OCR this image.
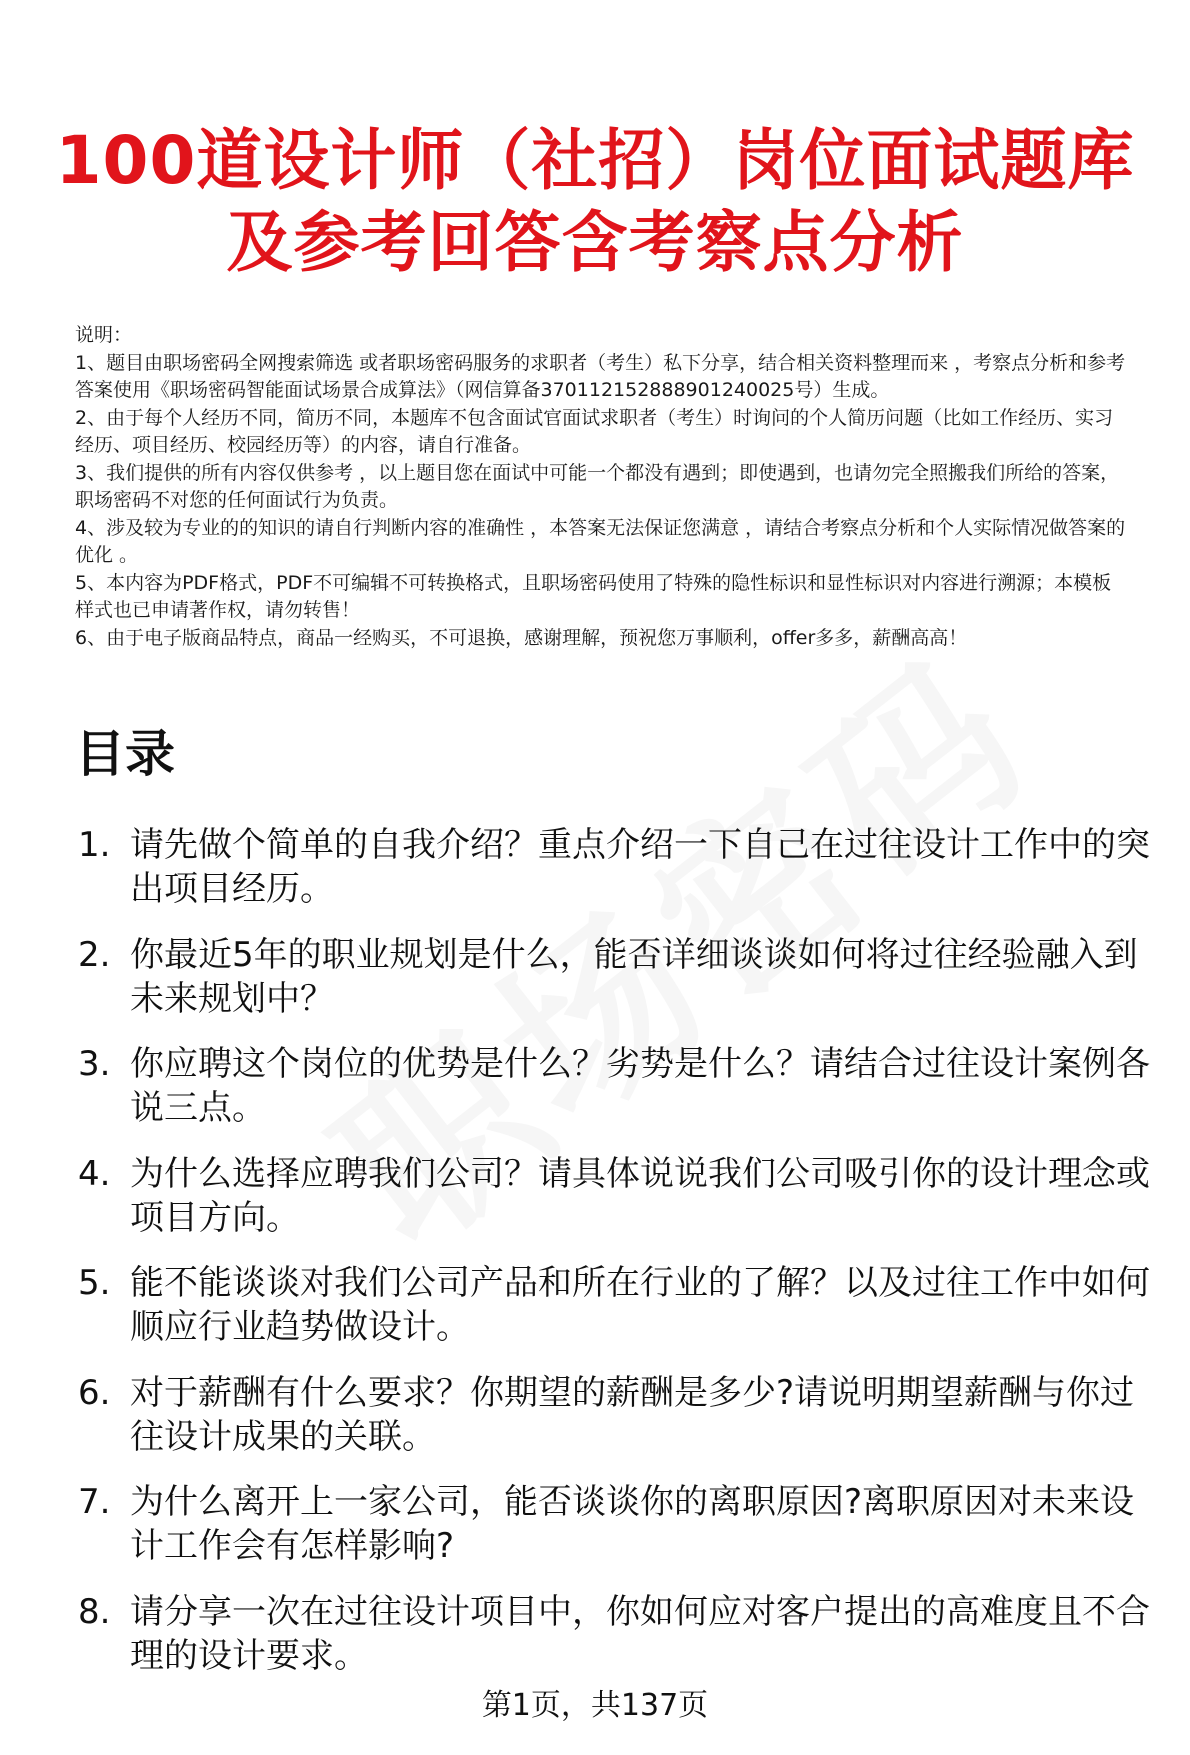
100道设计师（社招）岗位面试题库
及参考回答含考察点分析

说明：

1、题目由职场密码全网搜索筛选 或者职场密码服务的求职者（考生）私下分享，结合相关资料整理而来 ，考察点分析和参考答案使用《职场密码智能面试场景合成算法》（网信算备370112152888901240025号）生成。

2、由于每个人经历不同，简历不同，本题库不包含面试官面试求职者（考生）时询问的个人简历问题（比如工作经历、实习经历、项目经历、校园经历等）的内容，请自行准备。

3、我们提供的所有内容仅供参考 ，以上题目您在面试中可能一个都没有遇到；即使遇到，也请勿完全照搬我们所给的答案，职场密码不对您的任何面试行为负责。

4、涉及较为专业的的知识的请自行判断内容的准确性 ，本答案无法保证您满意 ，请结合考察点分析和个人实际情况做答案的优化 。

5、本内容为PDF格式，PDF不可编辑不可转换格式，且职场密码使用了特殊的隐性标识和显性标识对内容进行溯源；本模板样式也已申请著作权，请勿转售！

6、由于电子版商品特点，商品一经购买，不可退换，感谢理解，预祝您万事顺利，offer多多，薪酬高高！

目录
1. 请先做个简单的自我介绍？重点介绍一下自己在过往设计工作中的突出项目经历。
2. 你最近5年的职业规划是什么，能否详细谈谈如何将过往经验融入到未来规划中？
3. 你应聘这个岗位的优势是什么？劣势是什么？请结合过往设计案例各说三点。
4. 为什么选择应聘我们公司？请具体说说我们公司吸引你的设计理念或项目方向。
5. 能不能谈谈对我们公司产品和所在行业的了解？以及过往工作中如何顺应行业趋势做设计。
6. 对于薪酬有什么要求？你期望的薪酬是多少?请说明期望薪酬与你过往设计成果的关联。
7. 为什么离开上一家公司，能否谈谈你的离职原因?离职原因对未来设计工作会有怎样影响?
8. 请分享一次在过往设计项目中，你如何应对客户提出的高难度且不合理的设计要求。
第1页，共137页
